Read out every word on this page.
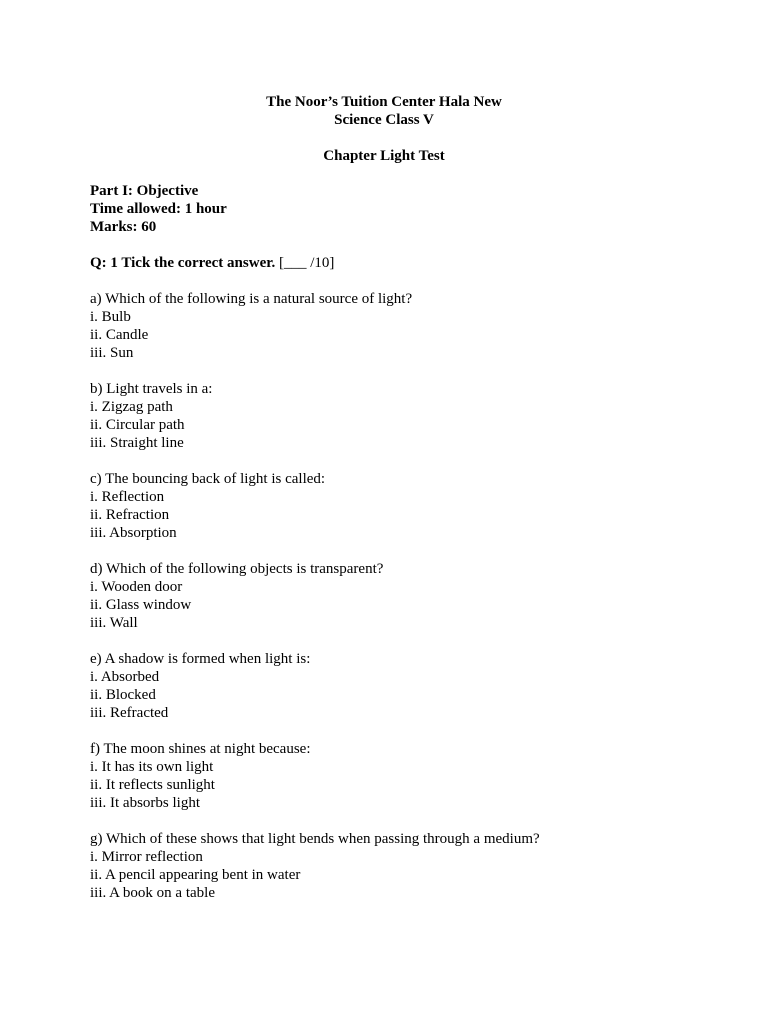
The Noor’s Tuition Center Hala New
Science Class V
Chapter Light Test
Part I: Objective
Time allowed: 1 hour
Marks: 60
Q: 1 Tick the correct answer. [___ /10]
a) Which of the following is a natural source of light?
i. Bulb
ii. Candle
iii. Sun
b) Light travels in a:
i. Zigzag path
ii. Circular path
iii. Straight line
c) The bouncing back of light is called:
i. Reflection
ii. Refraction
iii. Absorption
d) Which of the following objects is transparent?
i. Wooden door
ii. Glass window
iii. Wall
e) A shadow is formed when light is:
i. Absorbed
ii. Blocked
iii. Refracted
f) The moon shines at night because:
i. It has its own light
ii. It reflects sunlight
iii. It absorbs light
g) Which of these shows that light bends when passing through a medium?
i. Mirror reflection
ii. A pencil appearing bent in water
iii. A book on a table
